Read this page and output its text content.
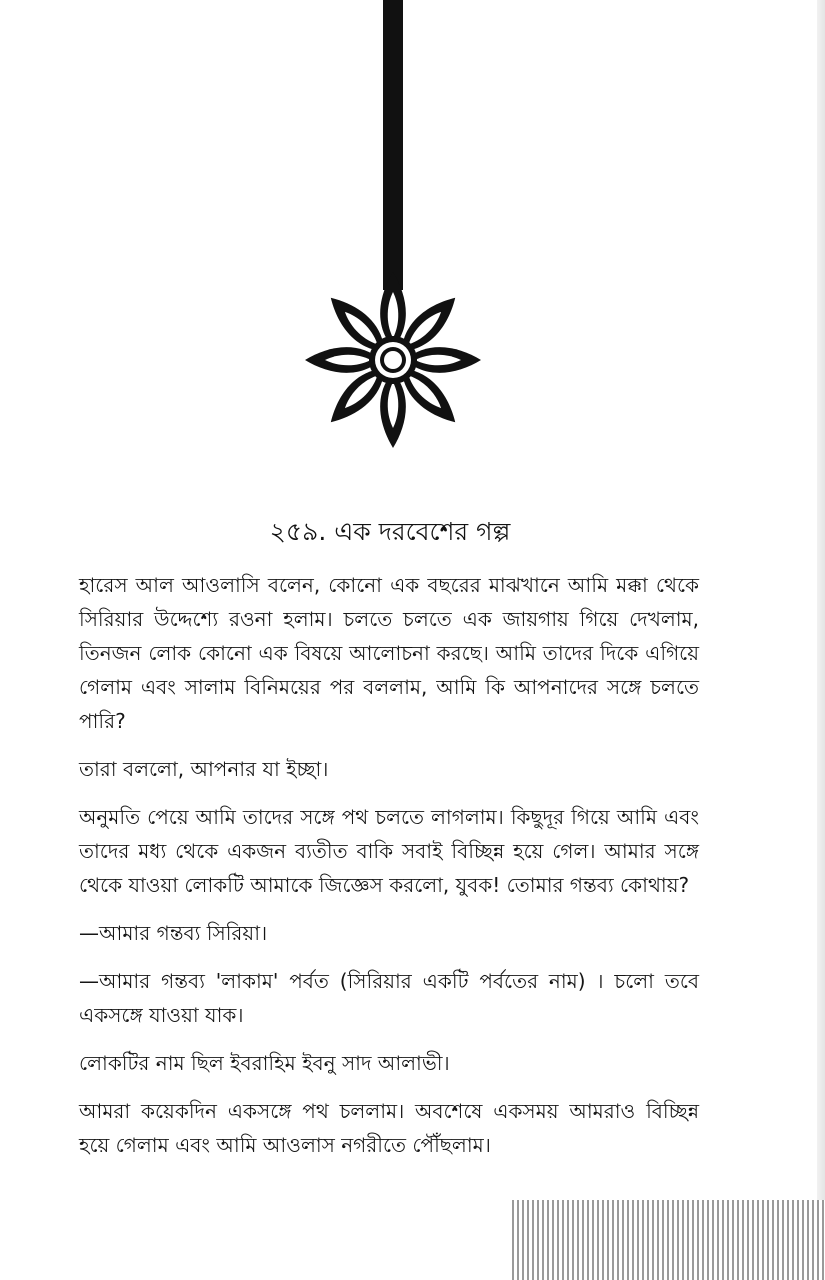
২৫৯. এক দরবেশের গল্প

হারেস আল আওলাসি বলেন, কোনো এক বছরের মাঝখানে আমি মক্কা থেকে সিরিয়ার উদ্দেশ্যে রওনা হলাম। চলতে চলতে এক জায়গায় গিয়ে দেখলাম, তিনজন লোক কোনো এক বিষয়ে আলোচনা করছে। আমি তাদের দিকে এগিয়ে গেলাম এবং সালাম বিনিময়ের পর বললাম, আমি কি আপনাদের সঙ্গে চলতে পারি?

তারা বললো, আপনার যা ইচ্ছা।

অনুমতি পেয়ে আমি তাদের সঙ্গে পথ চলতে লাগলাম। কিছুদূর গিয়ে আমি এবং তাদের মধ্য থেকে একজন ব্যতীত বাকি সবাই বিচ্ছিন্ন হয়ে গেল। আমার সঙ্গে থেকে যাওয়া লোকটি আমাকে জিজ্ঞেস করলো, যুবক! তোমার গন্তব্য কোথায়?

—আমার গন্তব্য সিরিয়া।

—আমার গন্তব্য 'লাকাম' পর্বত (সিরিয়ার একটি পর্বতের নাম) । চলো তবে একসঙ্গে যাওয়া যাক।

লোকটির নাম ছিল ইবরাহিম ইবনু সাদ আলাভী।

আমরা কয়েকদিন একসঙ্গে পথ চললাম। অবশেষে একসময় আমরাও বিচ্ছিন্ন হয়ে গেলাম এবং আমি আওলাস নগরীতে পৌঁছলাম।
